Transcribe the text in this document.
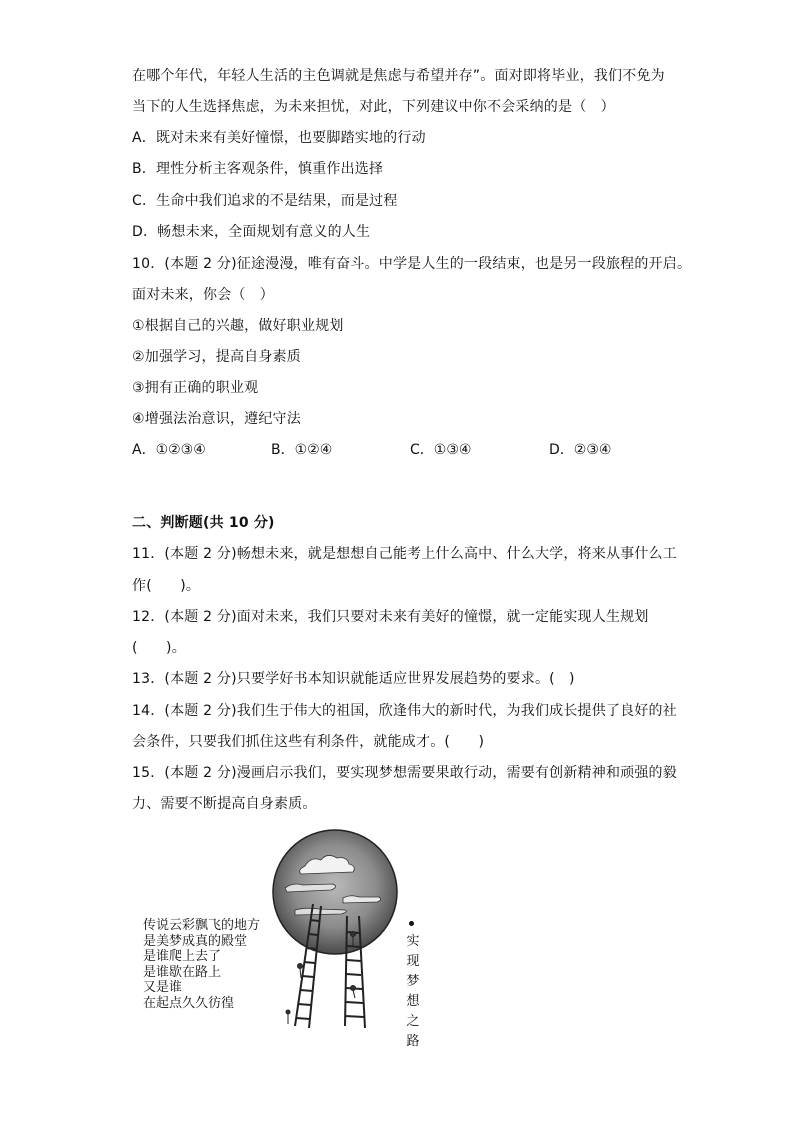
在哪个年代，年轻人生活的主色调就是焦虑与希望并存”。面对即将毕业，我们不免为
当下的人生选择焦虑，为未来担忧，对此，下列建议中你不会采纳的是（　）
A．既对未来有美好憧憬，也要脚踏实地的行动
B．理性分析主客观条件，慎重作出选择
C．生命中我们追求的不是结果，而是过程
D．畅想未来，全面规划有意义的人生
10．(本题 2 分)征途漫漫，唯有奋斗。中学是人生的一段结束，也是另一段旅程的开启。
面对未来，你会（　）
①根据自己的兴趣，做好职业规划
②加强学习，提高自身素质
③拥有正确的职业观
④增强法治意识，遵纪守法
A．①②③④	B．①②④	C．①③④	D．②③④
二、判断题(共 10 分)
11．(本题 2 分)畅想未来，就是想想自己能考上什么高中、什么大学，将来从事什么工
作(　　)。
12．(本题 2 分)面对未来，我们只要对未来有美好的憧憬，就一定能实现人生规划
(　　)。
13．(本题 2 分)只要学好书本知识就能适应世界发展趋势的要求。(　)
14．(本题 2 分)我们生于伟大的祖国，欣逢伟大的新时代，为我们成长提供了良好的社
会条件，只要我们抓住这些有利条件，就能成才。(　　)
15．(本题 2 分)漫画启示我们，要实现梦想需要果敢行动，需要有创新精神和顽强的毅
力、需要不断提高自身素质。
传说云彩飘飞的地方
是美梦成真的殿堂
是谁爬上去了
是谁歇在路上
又是谁
在起点久久彷徨
实
现
梦
想
之
路
